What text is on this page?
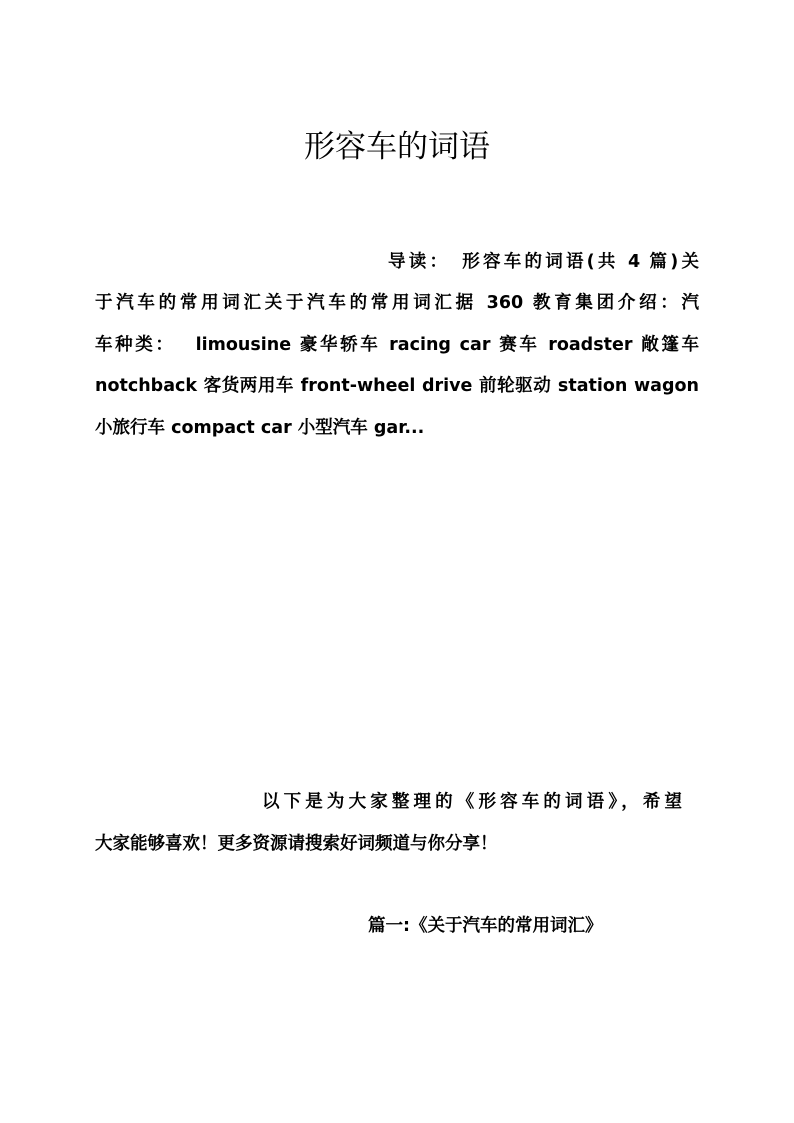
形容车的词语
导读：　形容车的词语(共 4 篇)关
于汽车的常用词汇关于汽车的常用词汇据 360 教育集团介绍：汽
车种类：　 limousine 豪华轿车 racing car 赛车 roadster 敞篷车
notchback 客货两用车 front-wheel drive 前轮驱动 station wagon
小旅行车 compact car 小型汽车 gar...
以下是为大家整理的《形容车的词语》，希望
大家能够喜欢！更多资源请搜索好词频道与你分享！
篇一:《关于汽车的常用词汇》
